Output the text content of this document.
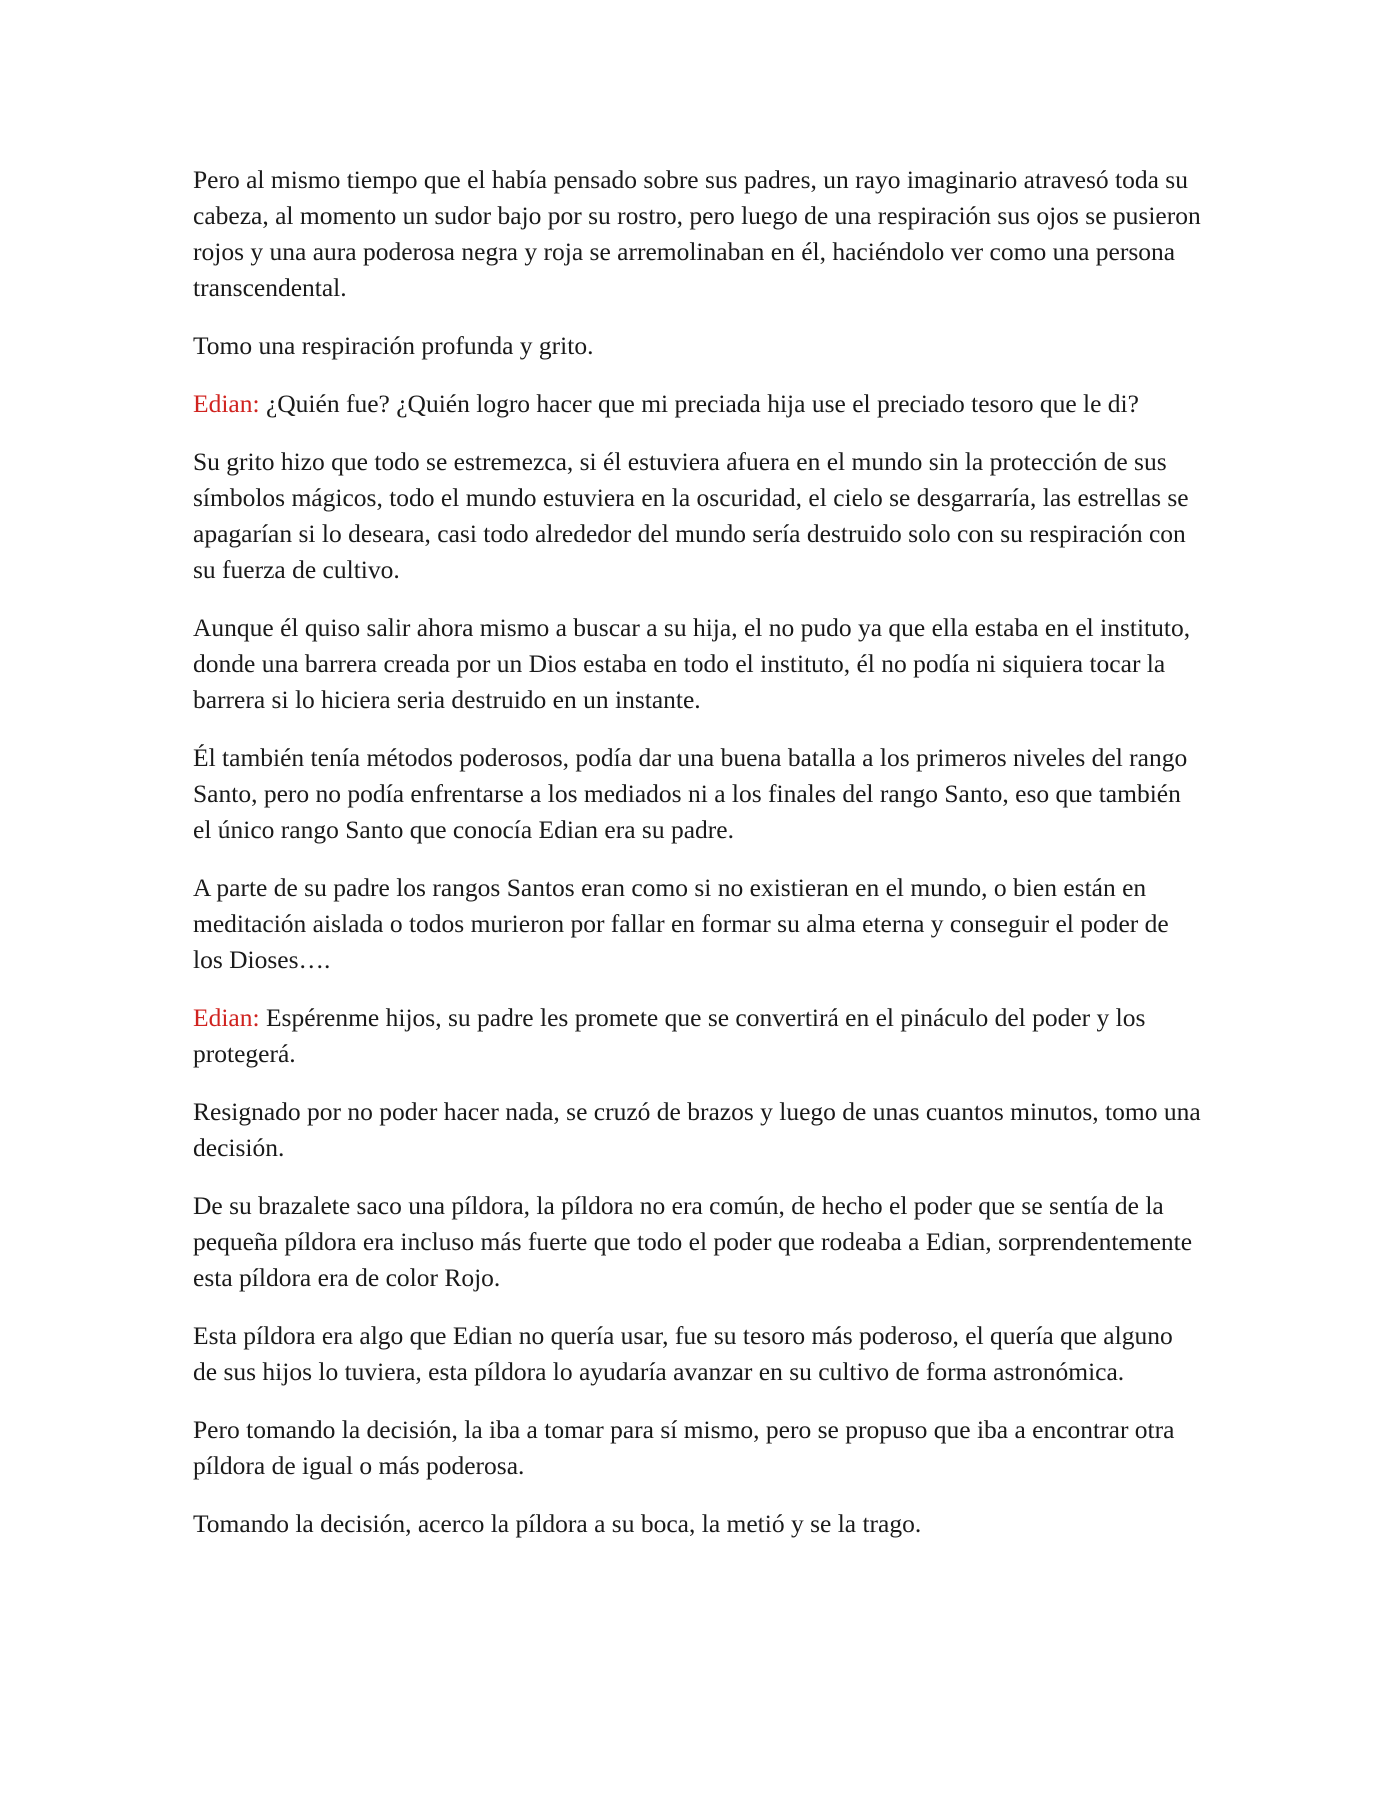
Pero al mismo tiempo que el había pensado sobre sus padres, un rayo imaginario atravesó toda su cabeza, al momento un sudor bajo por su rostro, pero luego de una respiración sus ojos se pusieron rojos y una aura poderosa negra y roja se arremolinaban en él, haciéndolo ver como una persona transcendental.

Tomo una respiración profunda y grito.

Edian: ¿Quién fue? ¿Quién logro hacer que mi preciada hija use el preciado tesoro que le di?

Su grito hizo que todo se estremezca, si él estuviera afuera en el mundo sin la protección de sus símbolos mágicos, todo el mundo estuviera en la oscuridad, el cielo se desgarraría, las estrellas se apagarían si lo deseara, casi todo alrededor del mundo sería destruido solo con su respiración con su fuerza de cultivo.

Aunque él quiso salir ahora mismo a buscar a su hija, el no pudo ya que ella estaba en el instituto, donde una barrera creada por un Dios estaba en todo el instituto, él no podía ni siquiera tocar la barrera si lo hiciera seria destruido en un instante.

Él también tenía métodos poderosos, podía dar una buena batalla a los primeros niveles del rango Santo, pero no podía enfrentarse a los mediados ni a los finales del rango Santo, eso que también el único rango Santo que conocía Edian era su padre.

A parte de su padre los rangos Santos eran como si no existieran en el mundo, o bien están en meditación aislada o todos murieron por fallar en formar su alma eterna y conseguir el poder de los Dioses….

Edian: Espérenme hijos, su padre les promete que se convertirá en el pináculo del poder y los protegerá.

Resignado por no poder hacer nada, se cruzó de brazos y luego de unas cuantos minutos, tomo una decisión.

De su brazalete saco una píldora, la píldora no era común, de hecho el poder que se sentía de la pequeña píldora era incluso más fuerte que todo el poder que rodeaba a Edian, sorprendentemente esta píldora era de color Rojo.

Esta píldora era algo que Edian no quería usar, fue su tesoro más poderoso, el quería que alguno de sus hijos lo tuviera, esta píldora lo ayudaría avanzar en su cultivo de forma astronómica.

Pero tomando la decisión, la iba a tomar para sí mismo, pero se propuso que iba a encontrar otra píldora de igual o más poderosa.

Tomando la decisión, acerco la píldora a su boca, la metió y se la trago.
